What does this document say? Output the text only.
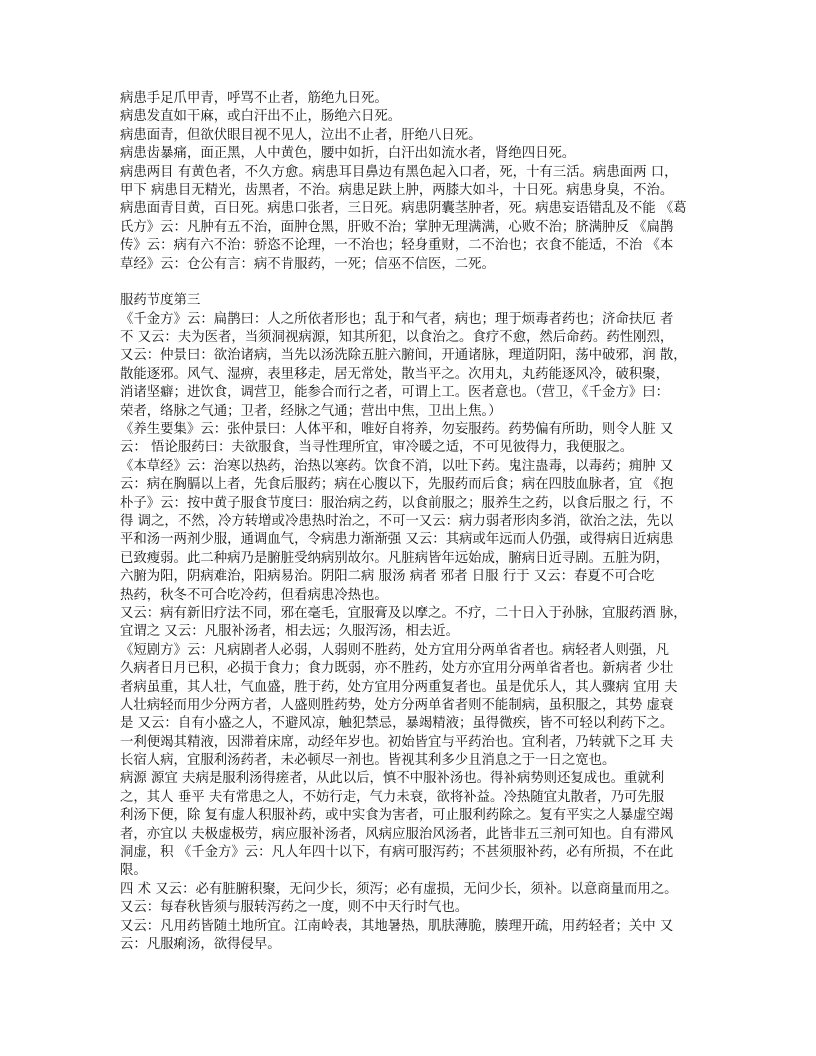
病患手足爪甲青，呼骂不止者，筋绝九日死。
病患发直如干麻，或白汗出不止，肠绝六日死。
病患面青，但欲伏眼目视不见人，泣出不止者，肝绝八日死。
病患齿暴痛，面正黑，人中黄色，腰中如折，白汗出如流水者，肾绝四日死。
病患两目 有黄色者，不久方愈。病患耳目鼻边有黑色起入口者，死，十有三活。病患面两 口，
甲下 病患目无精光，齿黑者，不治。病患足趺上肿，两膝大如斗，十日死。病患身臭，不治。
病患面青目黄，百日死。病患口张者，三日死。病患阴囊茎肿者，死。病患妄语错乱及不能 《葛
氏方》云：凡肿有五不治，面肿仓黑，肝败不治；掌肿无理满满，心败不治；脐满肿反 《扁鹊
传》云：病有六不治：骄恣不论理，一不治也；轻身重财，二不治也；衣食不能适，不治 《本
草经》云：仓公有言：病不肯服药，一死；信巫不信医，二死。
服药节度第三
《千金方》云：扁鹊曰：人之所依者形也；乱于和气者，病也；理于烦毒者药也；济命扶厄 者
不 又云：夫为医者，当须洞视病源，知其所犯，以食治之。食疗不愈，然后命药。药性刚烈，
又云：仲景曰：欲治诸病，当先以汤洗除五脏六腑间，开通诸脉，理道阴阳，荡中破邪，润 散，
散能逐邪。风气、湿痹，表里移走，居无常处，散当平之。次用丸，丸药能逐风冷，破积聚，
消诸坚癖；进饮食，调营卫，能参合而行之者，可谓上工。医者意也。（营卫，《千金方》曰：
荣者，络脉之气通；卫者，经脉之气通；营出中焦，卫出上焦。）
《养生要集》云：张仲景曰：人体平和，唯好自将养，勿妄服药。药势偏有所助，则令人脏 又
云： 悟论服药曰：夫欲服食，当寻性理所宜，审冷暖之适，不可见彼得力，我便服之。
《本草经》云：治寒以热药，治热以寒药。饮食不消，以吐下药。鬼注蛊毒，以毒药；痈肿 又
云：病在胸膈以上者，先食后服药；病在心腹以下，先服药而后食；病在四肢血脉者，宜 《抱
朴子》云：按中黄子服食节度曰：服治病之药，以食前服之；服养生之药，以食后服之 行，不
得 调之，不然，冷方转增或冷患热时治之，不可一又云：病力弱者形肉多消，欲治之法，先以
平和汤一两剂少服，通调血气，令病患力渐渐强 又云：其病或年远而人仍强，或得病日近病患
已致瘦弱。此二种病乃是腑脏受纳病别故尔。凡脏病皆年远始成，腑病日近寻剧。五脏为阴，
六腑为阳，阴病难治，阳病易治。阴阳二病 服汤 病者 邪者 日服 行于 又云：春夏不可合吃
热药，秋冬不可合吃冷药，但看病患冷热也。
又云：病有新旧疗法不同，邪在毫毛，宜服膏及以摩之。不疗，二十日入于孙脉，宜服药酒 脉，
宜谓之 又云：凡服补汤者，相去远；久服泻汤，相去近。
《短剧方》云：凡病剧者人必弱，人弱则不胜药，处方宜用分两单省者也。病轻者人则强，凡
久病者日月已积，必损于食力；食力既弱，亦不胜药，处方亦宜用分两单省者也。新病者 少壮
者病虽重，其人壮，气血盛，胜于药，处方宜用分两重复者也。虽是优乐人，其人骤病 宜用 夫
人壮病轻而用少分两方者，人盛则胜药势，处方分两单省者则不能制病，虽积服之，其势 虚衰
是 又云：自有小盛之人，不避风凉，触犯禁忌，暴竭精液；虽得微疾，皆不可轻以利药下之。
一利便竭其精液，因滞着床席，动经年岁也。初始皆宜与平药治也。宜利者，乃转就下之耳 夫
长宿人病，宜服利汤药者，未必顿尽一剂也。皆视其利多少且消息之于一日之宽也。
病源 源宜 夫病是服利汤得瘥者，从此以后，慎不中服补汤也。得补病势则还复成也。重就利
之，其人 垂平 夫有常患之人，不妨行走，气力未衰，欲将补益。冷热随宜丸散者，乃可先服
利汤下便，除 复有虚人积服补药，或中实食为害者，可止服利药除之。复有平实之人暴虚空竭
者，亦宜以 夫极虚极劳，病应服补汤者，风病应服治风汤者，此皆非五三剂可知也。自有滞风
洞虚，积 《千金方》云：凡人年四十以下，有病可服泻药；不甚须服补药，必有所损，不在此
限。
四 术 又云：必有脏腑积聚，无问少长，须泻；必有虚损，无问少长，须补。以意商量而用之。
又云：每春秋皆须与服转泻药之一度，则不中天行时气也。
又云：凡用药皆随土地所宜。江南岭表，其地暑热，肌肤薄脆，腠理开疏，用药轻者；关中 又
云：凡服痢汤，欲得侵早。
